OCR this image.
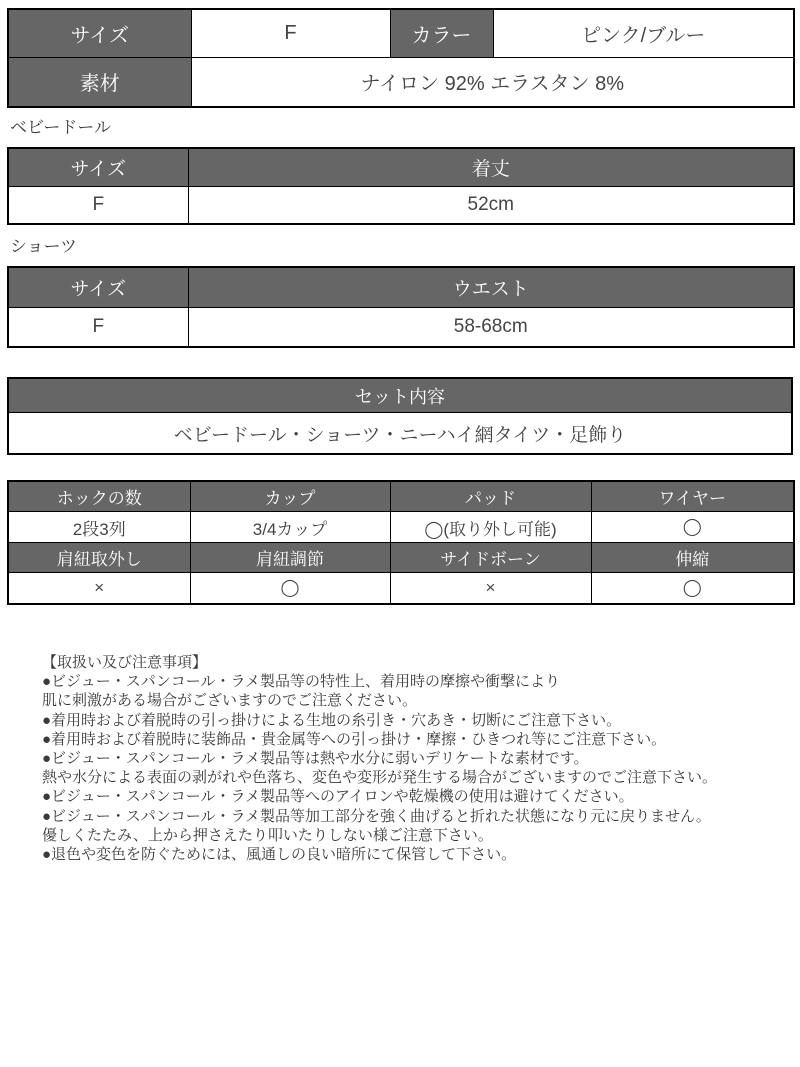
サイズ	F	カラー	ピンク/ブルー
素材	ナイロン 92% エラスタン 8%		
ベビードール
サイズ	着丈
F	52cm
ショーツ
サイズ	ウエスト
F	58-68cm
セット内容
ベビードール・ショーツ・ニーハイ網タイツ・足飾り
ホックの数	カップ	パッド	ワイヤー
2段3列	3/4カップ	◯(取り外し可能)	◯
肩紐取外し	肩紐調節	サイドボーン	伸縮
×	◯	×	◯
【取扱い及び注意事項】
●ビジュー・スパンコール・ラメ製品等の特性上、着用時の摩擦や衝撃により
肌に刺激がある場合がございますのでご注意ください。
●着用時および着脱時の引っ掛けによる生地の糸引き・穴あき・切断にご注意下さい。
●着用時および着脱時に装飾品・貴金属等への引っ掛け・摩擦・ひきつれ等にご注意下さい。
●ビジュー・スパンコール・ラメ製品等は熱や水分に弱いデリケートな素材です。
熱や水分による表面の剥がれや色落ち、変色や変形が発生する場合がございますのでご注意下さい。
●ビジュー・スパンコール・ラメ製品等へのアイロンや乾燥機の使用は避けてください。
●ビジュー・スパンコール・ラメ製品等加工部分を強く曲げると折れた状態になり元に戻りません。
優しくたたみ、上から押さえたり叩いたりしない様ご注意下さい。
●退色や変色を防ぐためには、風通しの良い暗所にて保管して下さい。
